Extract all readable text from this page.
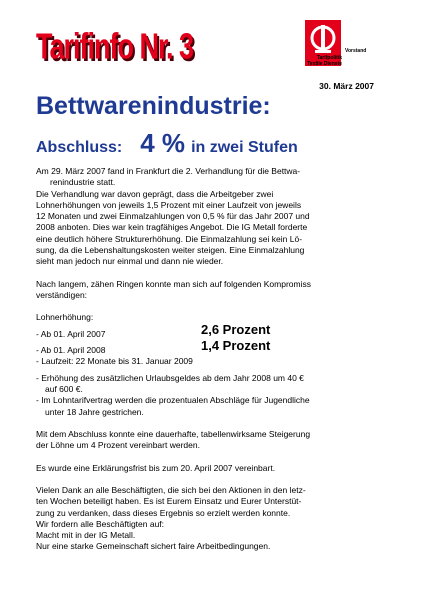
Tarifinfo Nr. 3	Vorstand
Tarifpolitik
Textile Dienste
30. März 2007
Bettwarenindustrie:
Abschluss: 4 % in zwei Stufen

Am 29. März 2007 fand in Frankfurt die 2. Verhandlung für die Bettwa-

renindustrie statt.

Die Verhandlung war davon geprägt, dass die Arbeitgeber zwei

Lohnerhöhungen von jeweils 1,5 Prozent mit einer Laufzeit von jeweils

12 Monaten und zwei Einmalzahlungen von 0,5 % für das Jahr 2007 und

2008 anboten. Dies war kein tragfähiges Angebot. Die IG Metall forderte

eine deutlich höhere Strukturerhöhung. Die Einmalzahlung sei kein Lö-

sung, da die Lebenshaltungskosten weiter steigen. Eine Einmalzahlung

sieht man jedoch nur einmal und dann nie wieder.

Nach langem, zähen Ringen konnte man sich auf folgenden Kompromiss

verständigen:

Lohnerhöhung:

- Ab 01. April 2007	2,6 Prozent
- Ab 01. April 2008	1,4 Prozent

- Laufzeit: 22 Monate bis 31. Januar 2009

- Erhöhung des zusätzlichen Urlaubsgeldes ab dem Jahr 2008 um 40 €

auf 600 €.

- Im Lohntarifvertrag werden die prozentualen Abschläge für Jugendliche

unter 18 Jahre gestrichen.

Mit dem Abschluss konnte eine dauerhafte, tabellenwirksame Steigerung

der Löhne um 4 Prozent vereinbart werden.

Es wurde eine Erklärungsfrist bis zum 20. April 2007 vereinbart.

Vielen Dank an alle Beschäftigten, die sich bei den Aktionen in den letz-

ten Wochen beteiligt haben. Es ist Eurem Einsatz und Eurer Unterstüt-

zung zu verdanken, dass dieses Ergebnis so erzielt werden konnte.

Wir fordern alle Beschäftigten auf:

Macht mit in der IG Metall.

Nur eine starke Gemeinschaft sichert faire Arbeitbedingungen.
